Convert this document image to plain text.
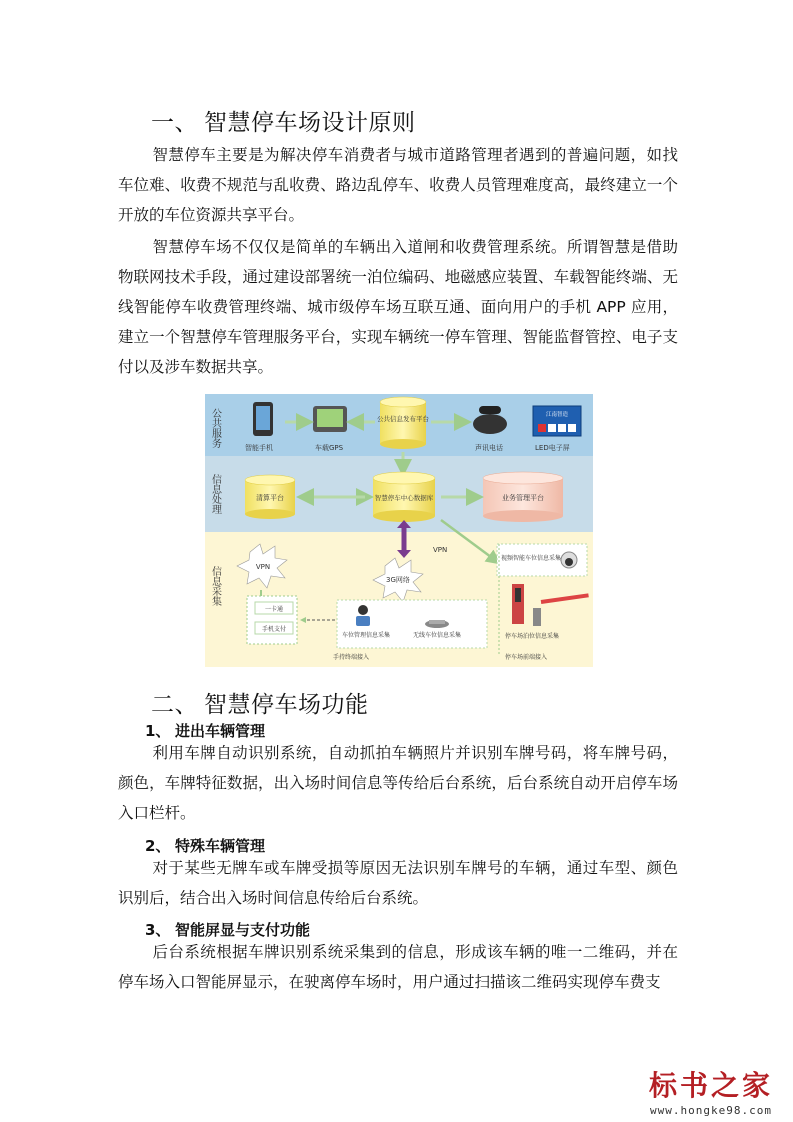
一、 智慧停车场设计原则

智慧停车主要是为解决停车消费者与城市道路管理者遇到的普遍问题，如找车位难、收费不规范与乱收费、路边乱停车、收费人员管理难度高，最终建立一个开放的车位资源共享平台。

智慧停车场不仅仅是简单的车辆出入道闸和收费管理系统。所谓智慧是借助物联网技术手段，通过建设部署统一泊位编码、地磁感应装置、车载智能终端、无线智能停车收费管理终端、城市级停车场互联互通、面向用户的手机 APP 应用，建立一个智慧停车管理服务平台，实现车辆统一停车管理、智能监督管控、电子支付以及涉车数据共享。

公共服务
信息处理
信息采集
智能手机	车载GPS
公共信息发布平台
声讯电话
江南智造
LED电子屏
清算平台	智慧停车中心数据库	业务管理平台
VPN
3G网络
VPN
一卡通
手机支付
车位管理信息采集	无线车位信息采集
手持终端接入
视频智能车位信息采集
停车场泊位信息采集
停车场前端接入
二、 智慧停车场功能
1、 进出车辆管理

利用车牌自动识别系统，自动抓拍车辆照片并识别车牌号码，将车牌号码，颜色，车牌特征数据，出入场时间信息等传给后台系统，后台系统自动开启停车场入口栏杆。

2、 特殊车辆管理

对于某些无牌车或车牌受损等原因无法识别车牌号的车辆，通过车型、颜色识别后，结合出入场时间信息传给后台系统。

3、 智能屏显与支付功能

后台系统根据车牌识别系统采集到的信息，形成该车辆的唯一二维码，并在停车场入口智能屏显示，在驶离停车场时，用户通过扫描该二维码实现停车费支

标书之家
www.hongke98.com
